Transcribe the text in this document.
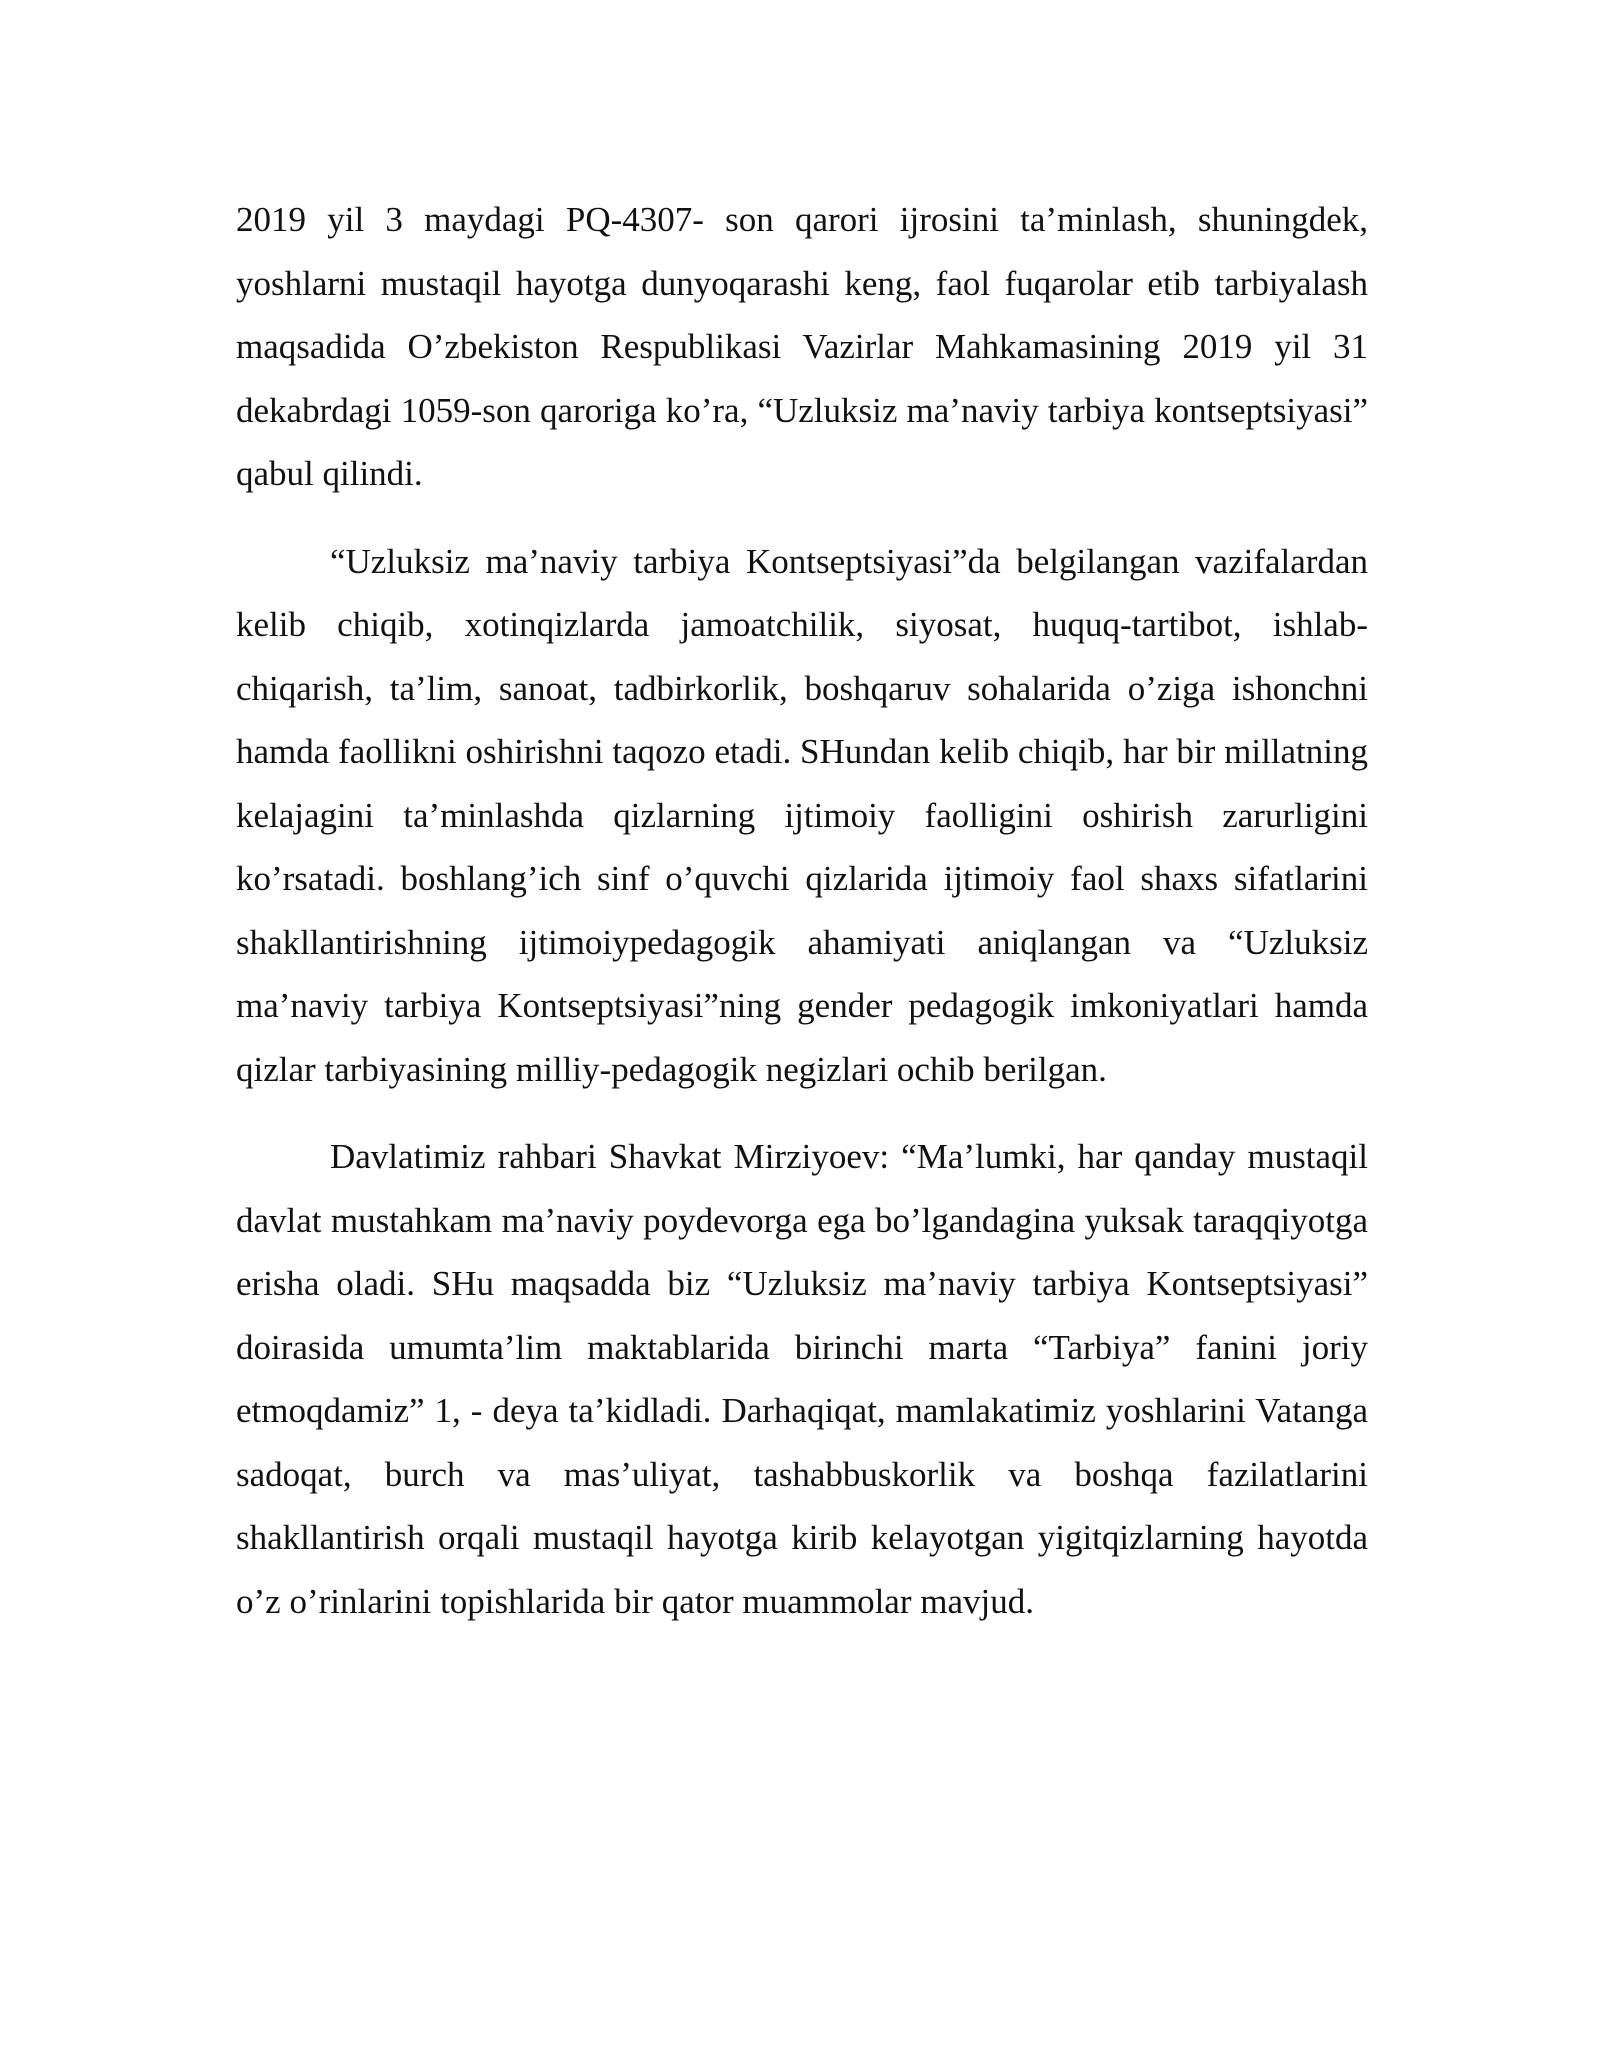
2019 yil 3 maydagi PQ-4307- son qarori ijrosini ta’minlash, shuningdek, yoshlarni mustaqil hayotga dunyoqarashi keng, faol fuqarolar etib tarbiyalash maqsadida O’zbekiston Respublikasi Vazirlar Mahkamasining 2019 yil 31 dekabrdagi 1059-son qaroriga ko’ra, “Uzluksiz ma’naviy tarbiya kontseptsiyasi” qabul qilindi.

“Uzluksiz ma’naviy tarbiya Kontseptsiyasi”da belgilangan vazifalardan kelib chiqib, xotinqizlarda jamoatchilik, siyosat, huquq-tartibot, ishlab-chiqarish, ta’lim, sanoat, tadbirkorlik, boshqaruv sohalarida o’ziga ishonchni hamda faollikni oshirishni taqozo etadi. SHundan kelib chiqib, har bir millatning kelajagini ta’minlashda qizlarning ijtimoiy faolligini oshirish zarurligini ko’rsatadi. boshlang’ich sinf o’quvchi qizlarida ijtimoiy faol shaxs sifatlarini shakllantirishning ijtimoiypedagogik ahamiyati aniqlangan va “Uzluksiz ma’naviy tarbiya Kontseptsiyasi”ning gender pedagogik imkoniyatlari hamda qizlar tarbiyasining milliy-pedagogik negizlari ochib berilgan.

Davlatimiz rahbari Shavkat Mirziyoev: “Ma’lumki, har qanday mustaqil davlat mustahkam ma’naviy poydevorga ega bo’lgandagina yuksak taraqqiyotga erisha oladi. SHu maqsadda biz “Uzluksiz ma’naviy tarbiya Kontseptsiyasi” doirasida umumta’lim maktablarida birinchi marta “Tarbiya” fanini joriy etmoqdamiz” 1, - deya ta’kidladi. Darhaqiqat, mamlakatimiz yoshlarini Vatanga sadoqat, burch va mas’uliyat, tashabbuskorlik va boshqa fazilatlarini shakllantirish orqali mustaqil hayotga kirib kelayotgan yigitqizlarning hayotda o’z o’rinlarini topishlarida bir qator muammolar mavjud.
